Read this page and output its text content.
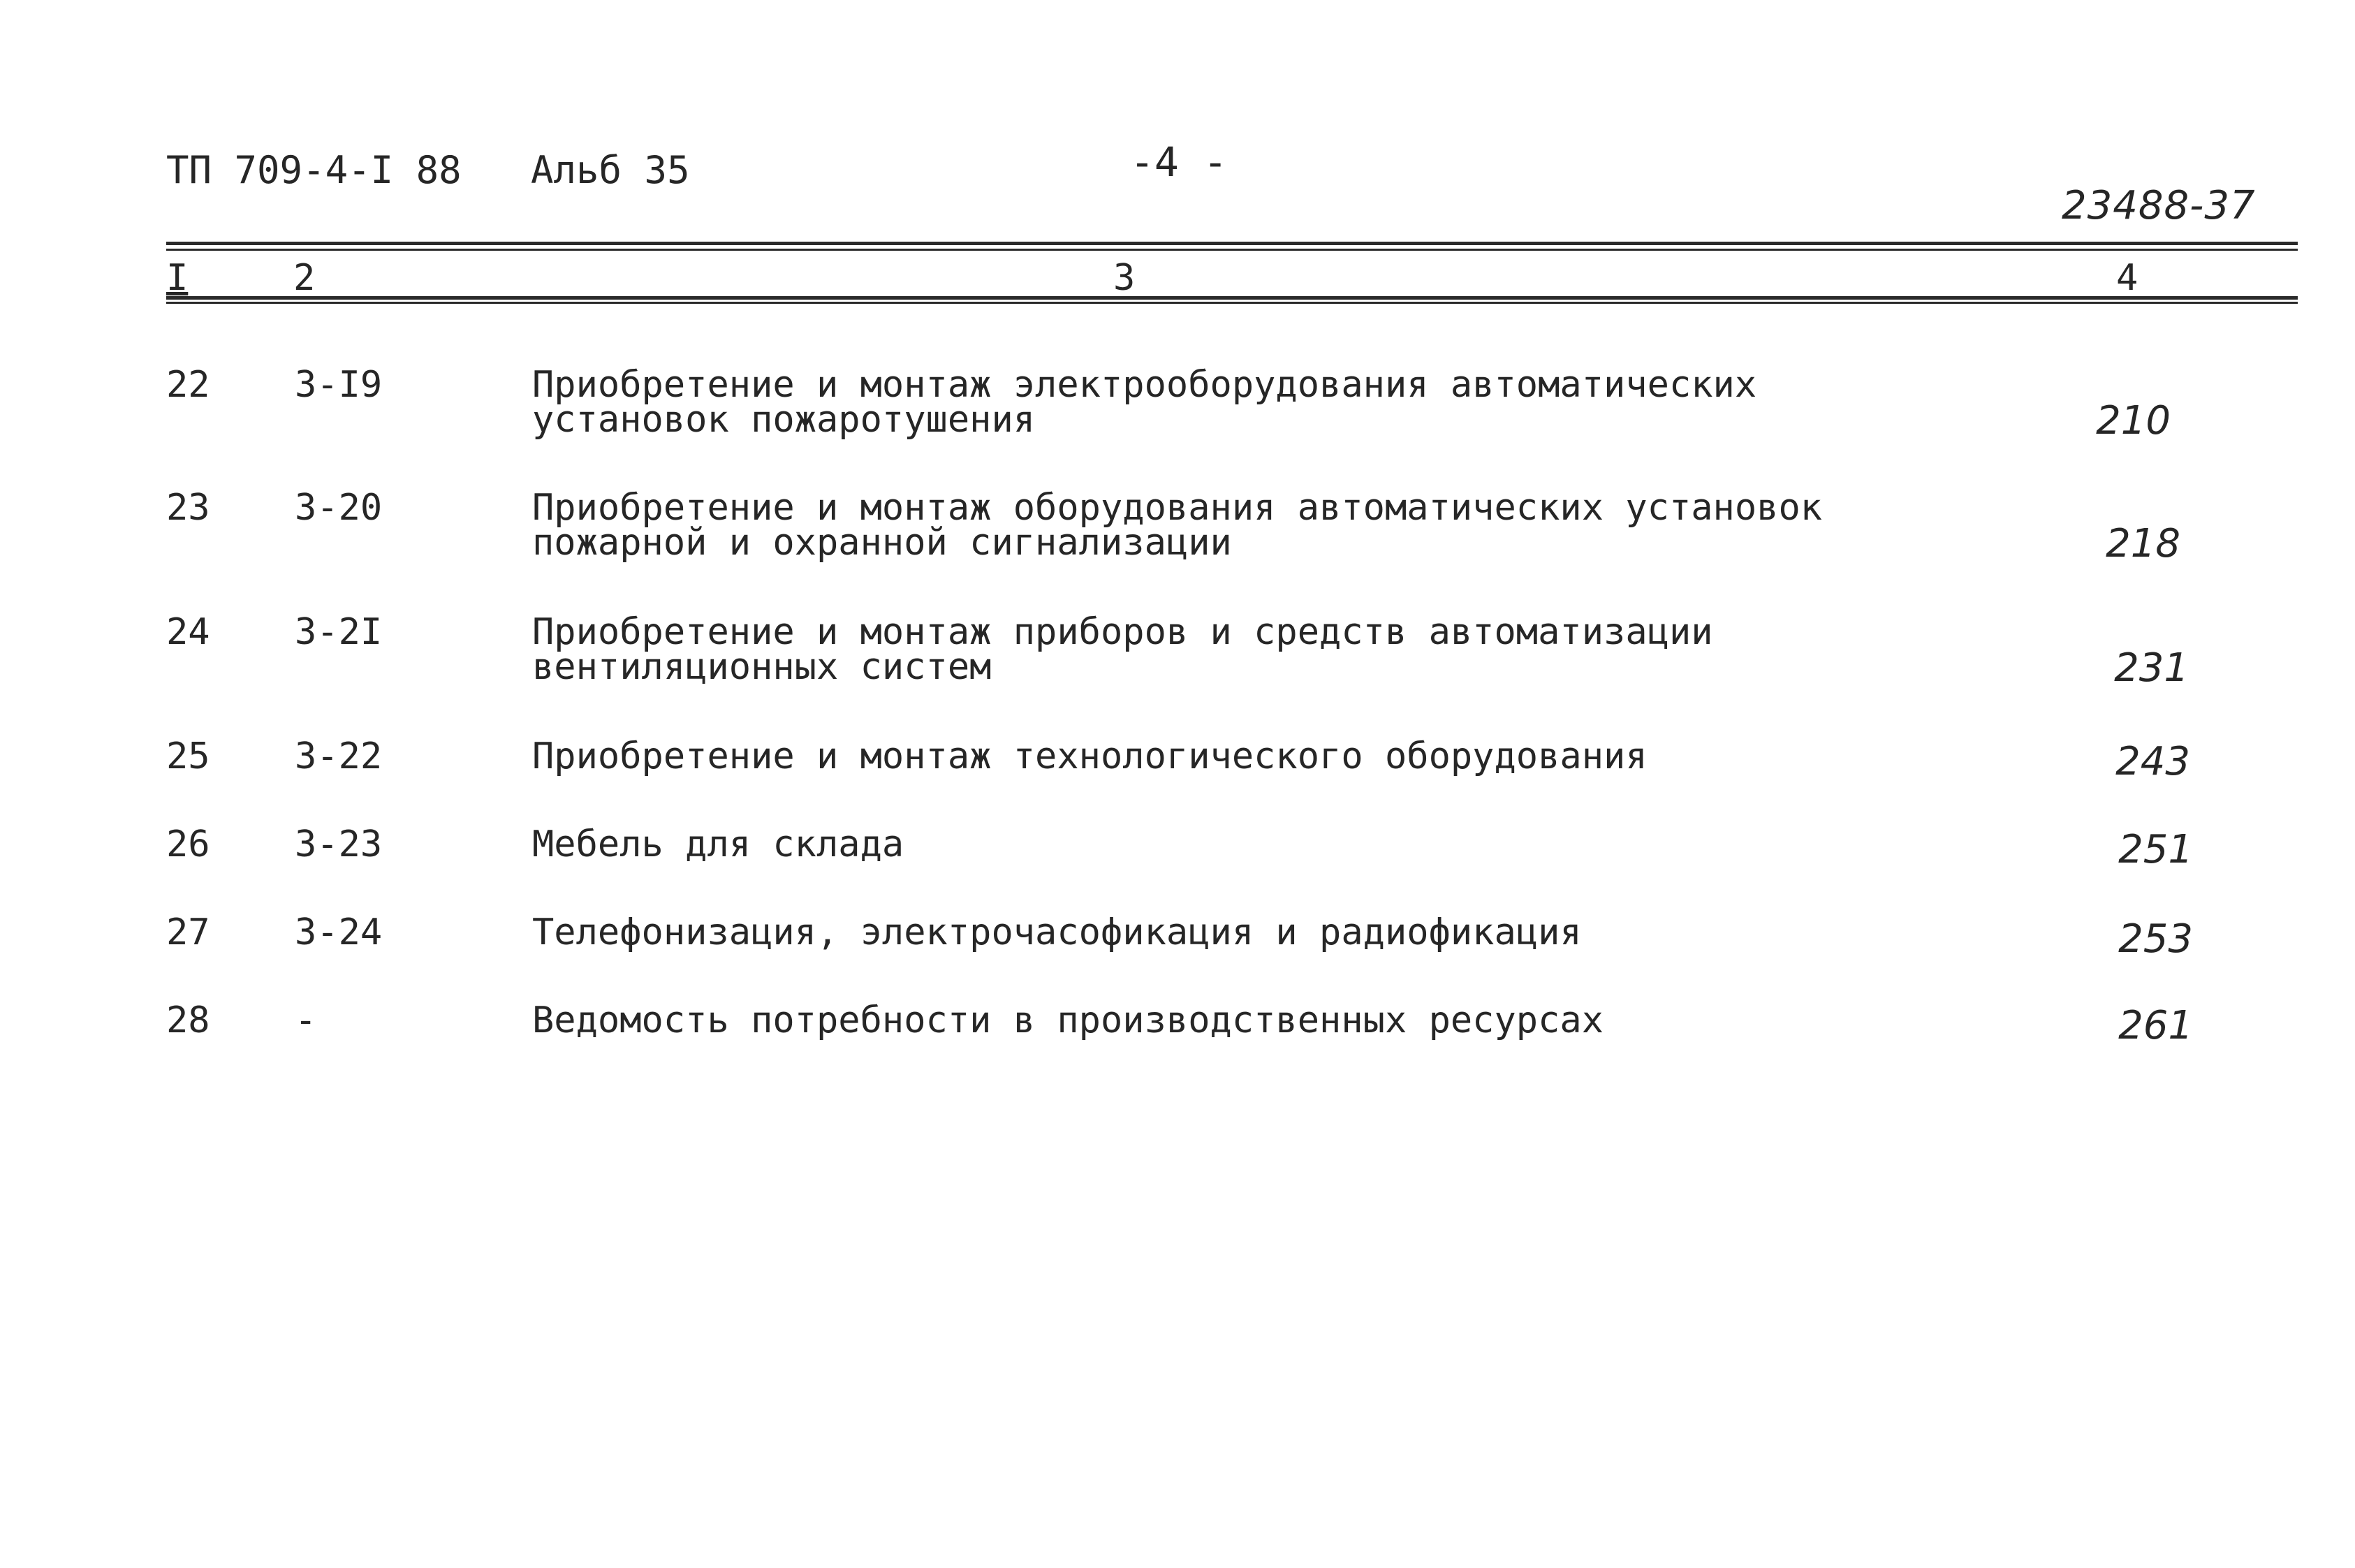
ТП 709-4-I 88 Альб 35	-4 -
23488-37
I	2	3	4
22 3-I9	Приобретение и монтаж электрооборудования автоматических
установок пожаротушения	210
23 3-20	Приобретение и монтаж оборудования автоматических установок
пожарной и охранной сигнализации	218
24 3-2I	Приобретение и монтаж приборов и средств автоматизации
вентиляционных систем	231
25 3-22	Приобретение и монтаж технологического оборудования	243
26 3-23	Мебель для склада	251
27 3-24	Телефонизация, электрочасофикация и радиофикация	253
28 -	Ведомость потребности в производственных ресурсах	261
